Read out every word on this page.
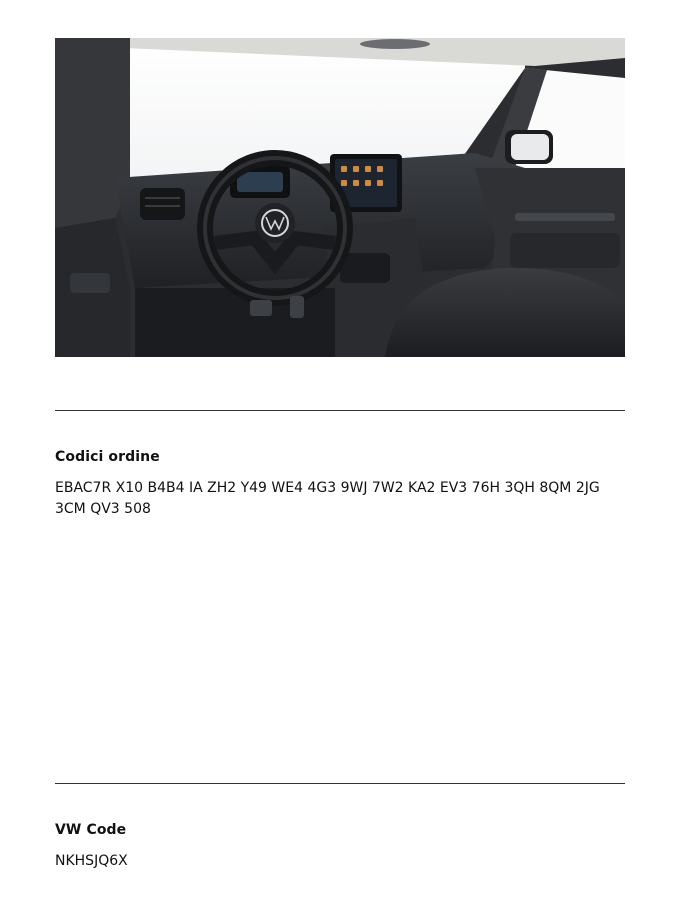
Codici ordine
EBAC7R X10 B4B4 IA ZH2 Y49 WE4 4G3 9WJ 7W2 KA2 EV3 76H 3QH 8QM 2JG 3CM QV3 508
VW Code
NKHSJQ6X
